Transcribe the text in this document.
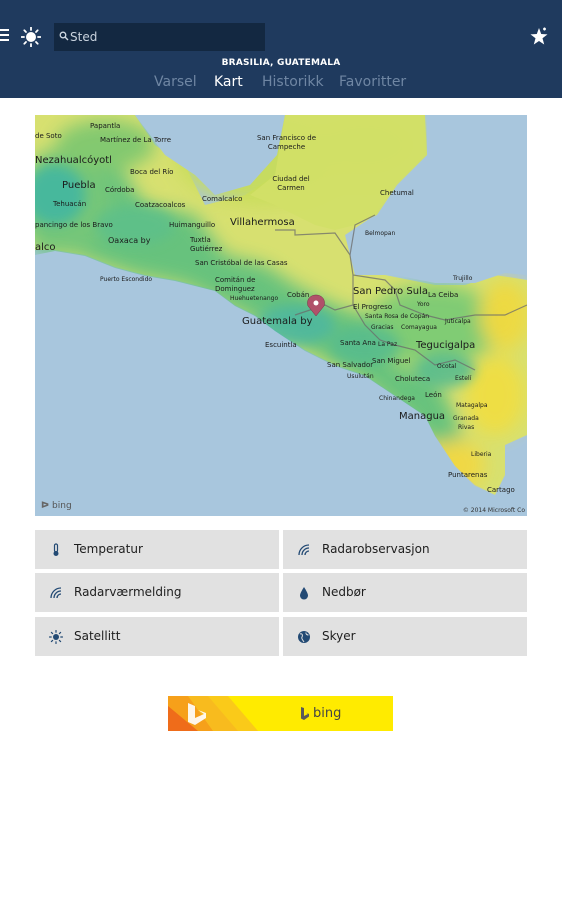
Sted
BRASILIA, GUATEMALA
Varsel Kart Historikk Favoritter
Papantla
Martínez de La Torre
de Soto
Nezahualcóyotl
Boca del Río
Puebla Córdoba
Tehuacán	Coatzacoalcos
San Francisco de Campeche
Ciudad del Carmen
Chetumal
Comalcalco
Huimanguillo Villahermosa
Belmopan
pancingo de los Bravo
Oaxaca by	Tuxtla Gutiérrez
alco
San Cristóbal de las Casas
Puerto Escondido	Comitán de Dominguez
Huehuetenango Cobán	San Pedro Sula
Trujillo
La Ceiba
Yoro
El Progreso
Santa Rosa de Copán
Juticalpa
Guatemala by
Gracias Comayagua
Tegucigalpa
Escuintla	Santa Ana La Paz
San Miguel
Ocotal
San Salvador
Usulután	Choluteca	Estelí
Chinandega León
Matagalpa
Managua Granada
Rivas
Liberia
Puntarenas
Cartago
ᐅ bing	© 2014 Microsoft Co
Temperatur	Radarobservasjon
Radarværmelding	Nedbør
Satellitt	Skyer
bing
